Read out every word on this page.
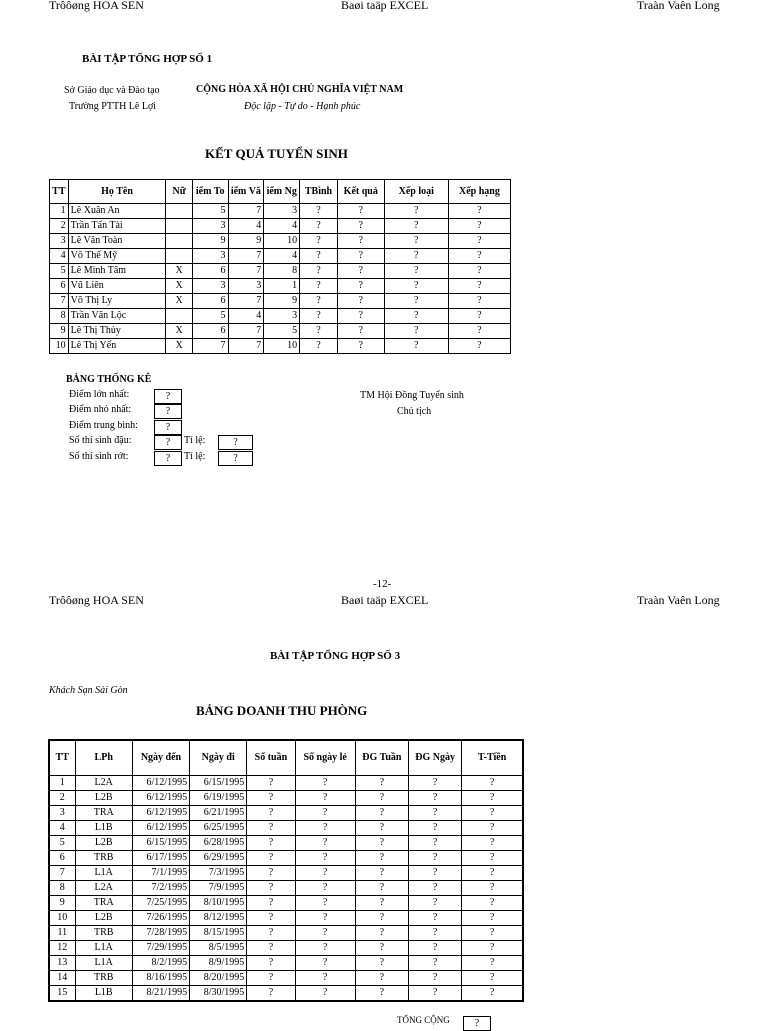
Trôôøng HOA SEN	Baøi taäp EXCEL	Traàn Vaên Long
BÀI TẬP TỔNG HỢP SỐ 1
Sở Giáo dục và Đào tạo
Trường PTTH Lê Lợi
CỘNG HÒA XÃ HỘI CHỦ NGHĨA VIỆT NAM
Độc lập - Tự do - Hạnh phúc
KẾT QUẢ TUYỂN SINH
TT	Họ Tên	Nữ	iểm To	iểm Vă	iểm Ng	TBình	Kết quả	Xếp loại	Xếp hạng
1	Lê Xuân An		5	7	3	?	?	?	?
2	Trần Tấn Tài		3	4	4	?	?	?	?
3	Lê Văn Toàn		9	9	10	?	?	?	?
4	Võ Thế Mỹ		3	7	4	?	?	?	?
5	Lê Minh Tâm	X	6	7	8	?	?	?	?
6	Vũ Liên	X	3	3	1	?	?	?	?
7	Võ Thị Ly	X	6	7	9	?	?	?	?
8	Trần Văn Lộc		5	4	3	?	?	?	?
9	Lê Thị Thủy	X	6	7	5	?	?	?	?
10	Lê Thị Yến	X	7	7	10	?	?	?	?
BẢNG THỐNG KÊ
Điểm lớn nhất:	?
Điểm nhỏ nhất:	?
Điểm trung bình:	?
Số thí sinh đậu:	?	Tỉ lệ:	?
Số thí sinh rớt:	?	Tỉ lệ:	?
TM Hội Đồng Tuyển sinh
Chủ tịch
-12-
Trôôøng HOA SEN	Baøi taäp EXCEL	Traàn Vaên Long
BÀI TẬP TỔNG HỢP SỐ 3
Khách Sạn Sài Gòn
BẢNG DOANH THU PHÒNG
TT	LPh	Ngày đến	Ngày đi	Số tuần	Số ngày lẻ	ĐG Tuần	ĐG Ngày	T-Tiền
1	L2A	6/12/1995	6/15/1995	?	?	?	?	?
2	L2B	6/12/1995	6/19/1995	?	?	?	?	?
3	TRA	6/12/1995	6/21/1995	?	?	?	?	?
4	L1B	6/12/1995	6/25/1995	?	?	?	?	?
5	L2B	6/15/1995	6/28/1995	?	?	?	?	?
6	TRB	6/17/1995	6/29/1995	?	?	?	?	?
7	L1A	7/1/1995	7/3/1995	?	?	?	?	?
8	L2A	7/2/1995	7/9/1995	?	?	?	?	?
9	TRA	7/25/1995	8/10/1995	?	?	?	?	?
10	L2B	7/26/1995	8/12/1995	?	?	?	?	?
11	TRB	7/28/1995	8/15/1995	?	?	?	?	?
12	L1A	7/29/1995	8/5/1995	?	?	?	?	?
13	L1A	8/2/1995	8/9/1995	?	?	?	?	?
14	TRB	8/16/1995	8/20/1995	?	?	?	?	?
15	L1B	8/21/1995	8/30/1995	?	?	?	?	?
TỔNG CỘNG	?
